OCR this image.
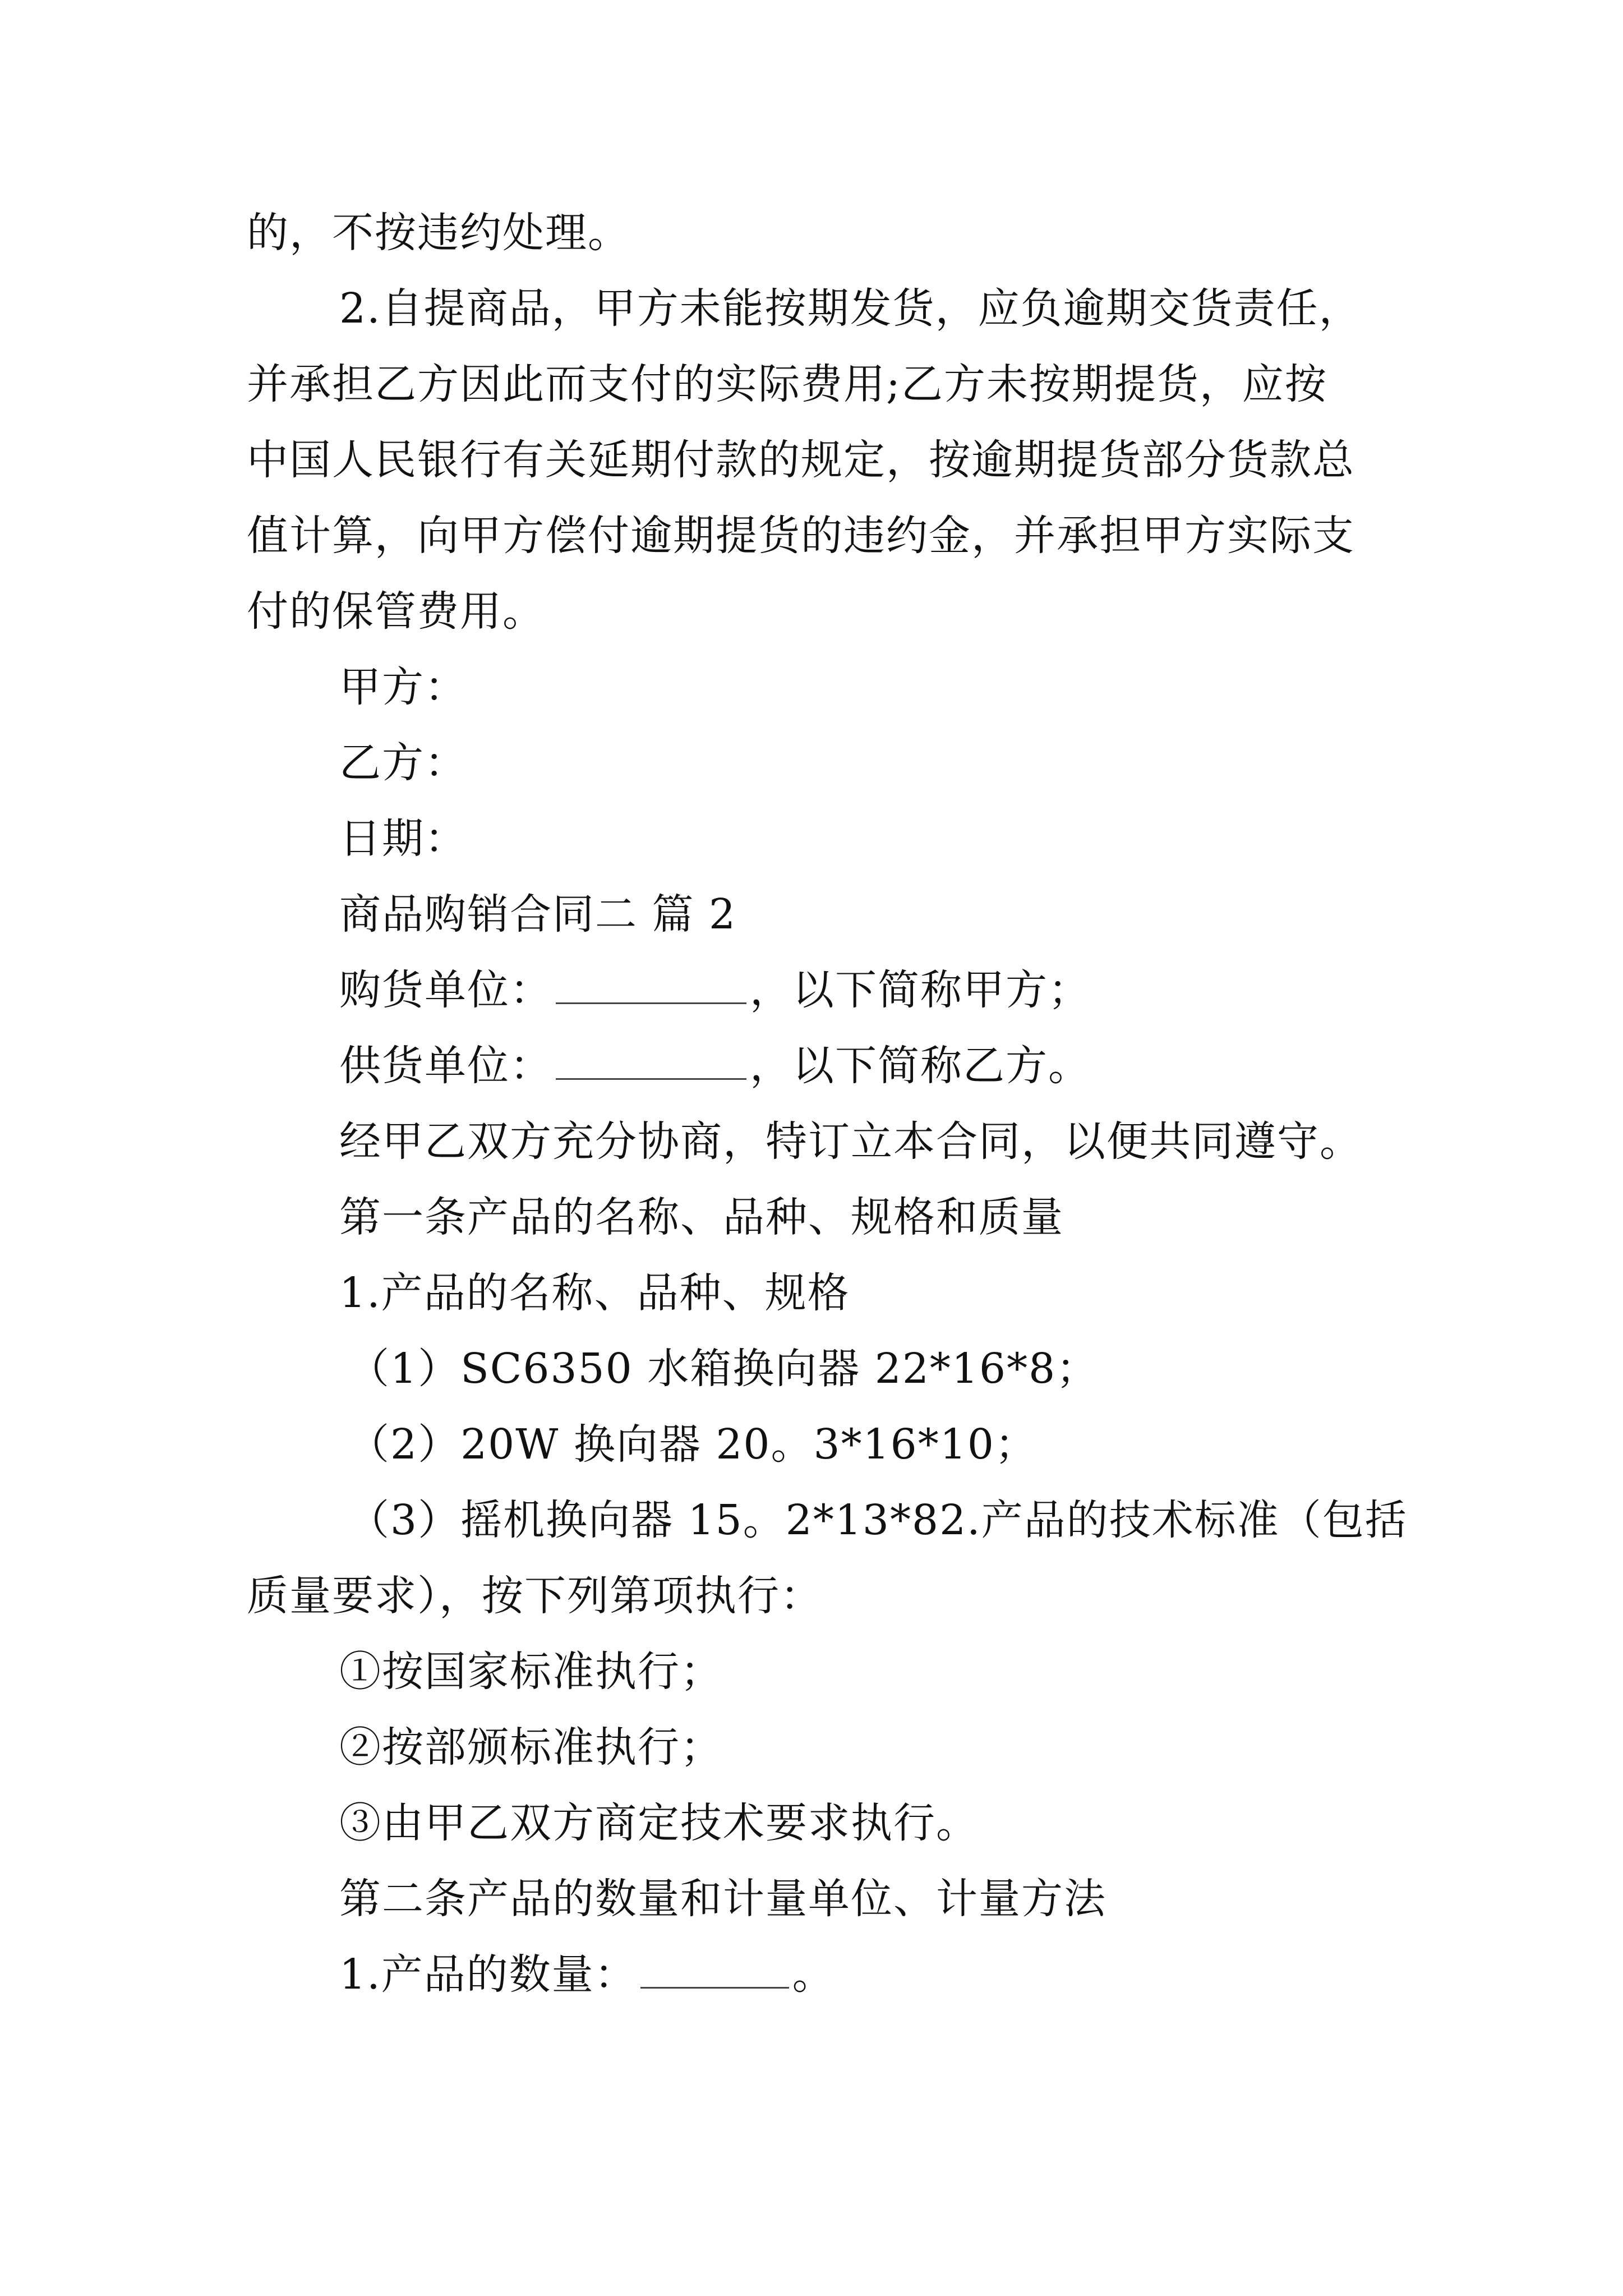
的，不按违约处理。
2.自提商品，甲方未能按期发货，应负逾期交货责任，
并承担乙方因此而支付的实际费用;乙方未按期提货，应按
中国人民银行有关延期付款的规定，按逾期提货部分货款总
值计算，向甲方偿付逾期提货的违约金，并承担甲方实际支
付的保管费用。
甲方：
乙方：
日期：
商品购销合同二 篇 2
购货单位：	，以下简称甲方；
供货单位：	，以下简称乙方。
经甲乙双方充分协商，特订立本合同，以便共同遵守。
第一条产品的名称、品种、规格和质量
1.产品的名称、品种、规格
（1）SC6350 水箱换向器 22*16*8；
（2）20W 换向器 20。3*16*10；
（3）摇机换向器 15。2*13*82.产品的技术标准（包括
质量要求），按下列第项执行：
①按国家标准执行；
②按部颁标准执行；
③由甲乙双方商定技术要求执行。
第二条产品的数量和计量单位、计量方法
1.产品的数量：	。
